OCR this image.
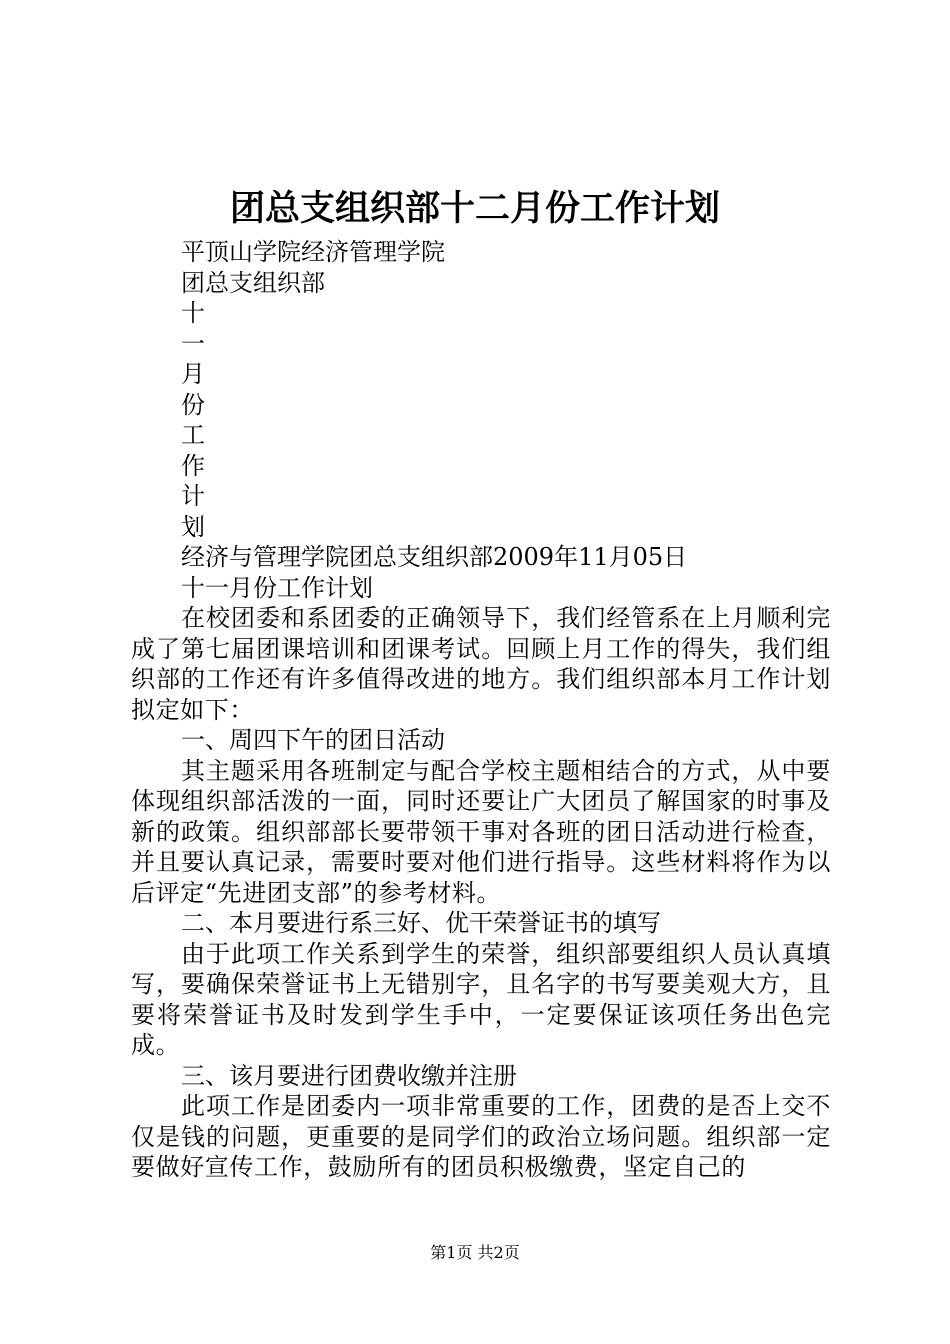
团总支组织部十二月份工作计划

平顶山学院经济管理学院

团总支组织部

十

一

月

份

工

作

计

划

经济与管理学院团总支组织部2009年11月05日

十一月份工作计划

在校团委和系团委的正确领导下，我们经管系在上月顺利完成了第七届团课培训和团课考试。回顾上月工作的得失，我们组织部的工作还有许多值得改进的地方。我们组织部本月工作计划拟定如下：

一、周四下午的团日活动

其主题采用各班制定与配合学校主题相结合的方式，从中要体现组织部活泼的一面，同时还要让广大团员了解国家的时事及新的政策。组织部部长要带领干事对各班的团日活动进行检查，并且要认真记录，需要时要对他们进行指导。这些材料将作为以后评定“先进团支部”的参考材料。

二、本月要进行系三好、优干荣誉证书的填写

由于此项工作关系到学生的荣誉，组织部要组织人员认真填写，要确保荣誉证书上无错别字，且名字的书写要美观大方，且要将荣誉证书及时发到学生手中，一定要保证该项任务出色完成。

三、该月要进行团费收缴并注册

此项工作是团委内一项非常重要的工作，团费的是否上交不仅是钱的问题，更重要的是同学们的政治立场问题。组织部一定要做好宣传工作，鼓励所有的团员积极缴费，坚定自己的

第1页 共2页
